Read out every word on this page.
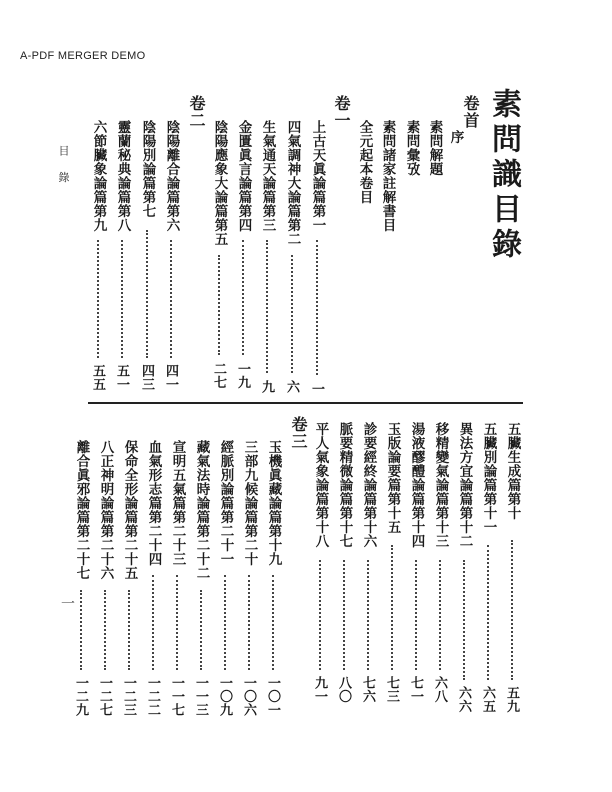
A-PDF MERGER DEMO
素問識目錄
卷首
序
素問解題
素問彙攷
素問諸家註解書目
全元起本卷目
卷一
上古天眞論篇第一
一
四氣調神大論篇第二
六
生氣通天論篇第三
九
金匱眞言論篇第四
一九
陰陽應象大論篇第五
二七
卷二
陰陽離合論篇第六
四一
陰陽別論篇第七
四三
靈蘭秘典論篇第八
五一
六節臟象論篇第九
五五
目 錄
五臟生成篇第十
五九
五臟別論篇第十一
六五
異法方宜論篇第十二
六六
移精變氣論篇第十三
六八
湯液醪醴論篇第十四
七一
玉版論要篇第十五
七三
診要經終論篇第十六
七六
脈要精微論篇第十七
八〇
平人氣象論篇第十八
九一
卷三
玉機眞藏論篇第十九
一〇一
三部九候論篇第二十
一〇六
經脈別論篇第二十一
一〇九
藏氣法時論篇第二十二
一一三
宣明五氣篇第二十三
一一七
血氣形志篇第二十四
一二二
保命全形論篇第二十五
一二三
八正神明論篇第二十六
一二七
離合眞邪論篇第二十七
一二九
一
